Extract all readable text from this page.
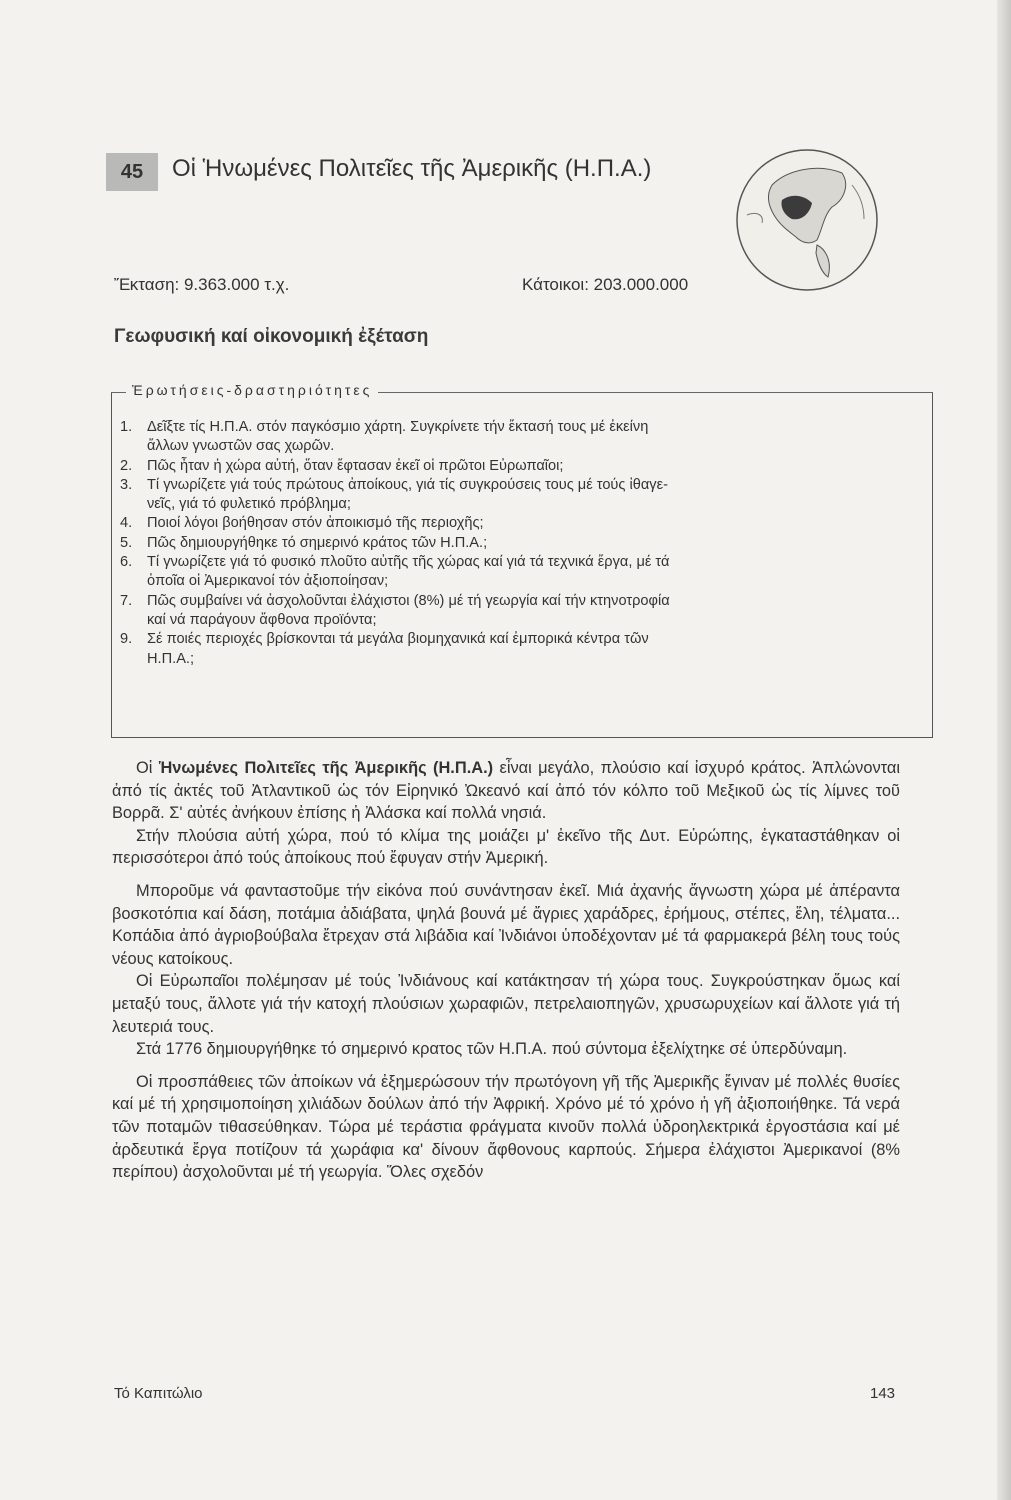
45	Οἱ Ἡνωμένες Πολιτεῖες τῆς Ἀμερικῆς (Η.Π.Α.)
Ἔκταση: 9.363.000 τ.χ.	Κάτοικοι: 203.000.000
Γεωφυσική καί οἰκονομική ἐξέταση
Ἐρωτήσεις-δραστηριότητες
1. Δεῖξτε τίς Η.Π.Α. στόν παγκόσμιο χάρτη. Συγκρίνετε τήν ἔκτασή τους μέ ἐκείνη
ἄλλων γνωστῶν σας χωρῶν.
2. Πῶς ἦταν ἡ χώρα αὐτή, ὅταν ἔφτασαν ἐκεῖ οἱ πρῶτοι Εὐρωπαῖοι;
3. Τί γνωρίζετε γιά τούς πρώτους ἀποίκους, γιά τίς συγκρούσεις τους μέ τούς ἰθαγε-
νεῖς, γιά τό φυλετικό πρόβλημα;
4. Ποιοί λόγοι βοήθησαν στόν ἀποικισμό τῆς περιοχῆς;
5. Πῶς δημιουργήθηκε τό σημερινό κράτος τῶν Η.Π.Α.;
6. Τί γνωρίζετε γιά τό φυσικό πλοῦτο αὐτῆς τῆς χώρας καί γιά τά τεχνικά ἔργα, μέ τά
ὁποῖα οἱ Ἀμερικανοί τόν ἀξιοποίησαν;
7. Πῶς συμβαίνει νά ἀσχολοῦνται ἐλάχιστοι (8%) μέ τή γεωργία καί τήν κτηνοτροφία
καί νά παράγουν ἄφθονα προϊόντα;
9. Σέ ποιές περιοχές βρίσκονται τά μεγάλα βιομηχανικά καί ἐμπορικά κέντρα τῶν
Η.Π.Α.;

Οἱ Ἡνωμένες Πολιτεῖες τῆς Ἀμερικῆς (Η.Π.Α.) εἶναι μεγάλο, πλούσιο καί ἰσχυρό κράτος. Ἁπλώνονται ἀπό τίς ἀκτές τοῦ Ἀτλαντικοῦ ὡς τόν Εἰρηνικό Ὠκεανό καί ἀπό τόν κόλπο τοῦ Μεξικοῦ ὡς τίς λίμνες τοῦ Βορρᾶ. Σ' αὐτές ἀνήκουν ἐπίσης ἡ Ἀλάσκα καί πολλά νησιά.

Στήν πλούσια αὐτή χώρα, πού τό κλίμα της μοιάζει μ' ἐκεῖνο τῆς Δυτ. Εὐρώπης, ἐγκαταστάθηκαν οἱ περισσότεροι ἀπό τούς ἀποίκους πού ἔφυγαν στήν Ἀμερική.

Μποροῦμε νά φανταστοῦμε τήν εἰκόνα πού συνάντησαν ἐκεῖ. Μιά ἀχανής ἄγνωστη χώρα μέ ἀπέραντα βοσκοτόπια καί δάση, ποτάμια ἀδιάβατα, ψηλά βουνά μέ ἄγριες χαράδρες, ἐρήμους, στέπες, ἕλη, τέλματα... Κοπάδια ἀπό ἀγριοβούβαλα ἔτρεχαν στά λιβάδια καί Ἰνδιάνοι ὑποδέχονταν μέ τά φαρμακερά βέλη τους τούς νέους κατοίκους.

Οἱ Εὐρωπαῖοι πολέμησαν μέ τούς Ἰνδιάνους καί κατάκτησαν τή χώρα τους. Συγκρούστηκαν ὅμως καί μεταξύ τους, ἄλλοτε γιά τήν κατοχή πλούσιων χωραφιῶν, πετρελαιοπηγῶν, χρυσωρυχείων καί ἄλλοτε γιά τή λευτεριά τους.

Στά 1776 δημιουργήθηκε τό σημερινό κρατος τῶν Η.Π.Α. πού σύντομα ἐξελίχτηκε σέ ὑπερδύναμη.

Οἱ προσπάθειες τῶν ἀποίκων νά ἐξημερώσουν τήν πρωτόγονη γῆ τῆς Ἀμερικῆς ἔγιναν μέ πολλές θυσίες καί μέ τή χρησιμοποίηση χιλιάδων δούλων ἀπό τήν Ἀφρική. Χρόνο μέ τό χρόνο ἡ γῆ ἀξιοποιήθηκε. Τά νερά τῶν ποταμῶν τιθασεύθηκαν. Τώρα μέ τεράστια φράγματα κινοῦν πολλά ὑδροηλεκτρικά ἐργοστάσια καί μέ ἀρδευτικά ἔργα ποτίζουν τά χωράφια κα' δίνουν ἄφθονους καρπούς. Σήμερα ἐλάχιστοι Ἀμερικανοί (8% περίπου) ἀσχολοῦνται μέ τή γεωργία. Ὅλες σχεδόν

Τό Καπιτώλιο	143
